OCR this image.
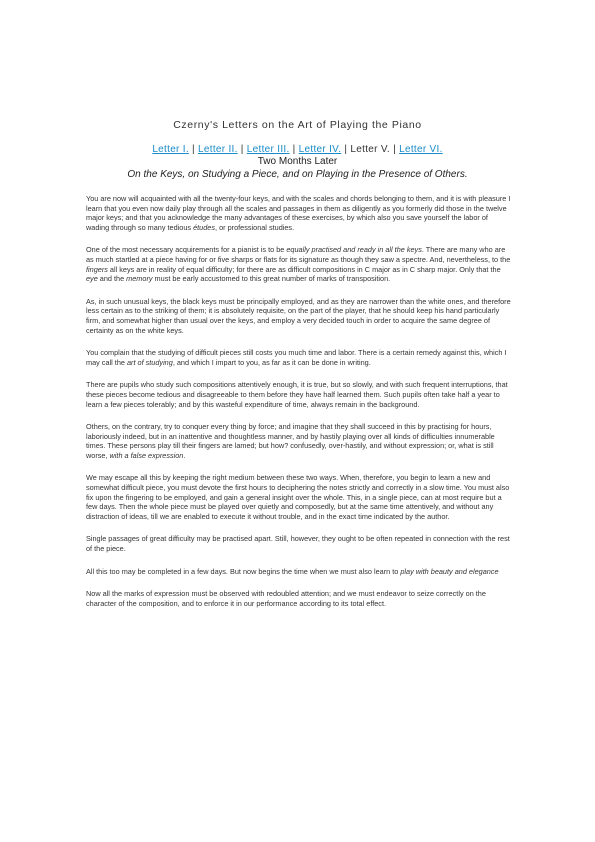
Czerny's Letters on the Art of Playing the Piano
Letter I. | Letter II. | Letter III. | Letter IV. | Letter V. | Letter VI.
Two Months Later
On the Keys, on Studying a Piece, and on Playing in the Presence of Others.

You are now will acquainted with all the twenty-four keys, and with the scales and chords belonging to them, and it is with pleasure I learn that you even now daily play through all the scales and passages in them as diligently as you formerly did those in the twelve major keys; and that you acknowledge the many advantages of these exercises, by which also you save yourself the labor of wading through so many tedious études, or professional studies.

One of the most necessary acquirements for a pianist is to be equally practised and ready in all the keys. There are many who are as much startled at a piece having for or five sharps or flats for its signature as though they saw a spectre. And, nevertheless, to the fingers all keys are in reality of equal difficulty; for there are as difficult compositions in C major as in C sharp major. Only that the eye and the memory must be early accustomed to this great number of marks of transposition.

As, in such unusual keys, the black keys must be principally employed, and as they are narrower than the white ones, and therefore less certain as to the striking of them; it is absolutely requisite, on the part of the player, that he should keep his hand particularly firm, and somewhat higher than usual over the keys, and employ a very decided touch in order to acquire the same degree of certainty as on the white keys.

You complain that the studying of difficult pieces still costs you much time and labor. There is a certain remedy against this, which I may call the art of studying, and which I impart to you, as far as it can be done in writing.

There are pupils who study such compositions attentively enough, it is true, but so slowly, and with such frequent interruptions, that these pieces become tedious and disagreeable to them before they have half learned them. Such pupils often take half a year to learn a few pieces tolerably; and by this wasteful expenditure of time, always remain in the background.

Others, on the contrary, try to conquer every thing by force; and imagine that they shall succeed in this by practising for hours, laboriously indeed, but in an inattentive and thoughtless manner, and by hastily playing over all kinds of difficulties innumerable times. These persons play till their fingers are lamed; but how? confusedly, over-hastily, and without expression; or, what is still worse, with a false expression.

We may escape all this by keeping the right medium between these two ways. When, therefore, you begin to learn a new and somewhat difficult piece, you must devote the first hours to deciphering the notes strictly and correctly in a slow time. You must also fix upon the fingering to be employed, and gain a general insight over the whole. This, in a single piece, can at most require but a few days. Then the whole piece must be played over quietly and composedly, but at the same time attentively, and without any distraction of ideas, till we are enabled to execute it without trouble, and in the exact time indicated by the author.

Single passages of great difficulty may be practised apart. Still, however, they ought to be often repeated in connection with the rest of the piece.

All this too may be completed in a few days. But now begins the time when we must also learn to play with beauty and elegance

Now all the marks of expression must be observed with redoubled attention; and we must endeavor to seize correctly on the character of the composition, and to enforce it in our performance according to its total effect.
